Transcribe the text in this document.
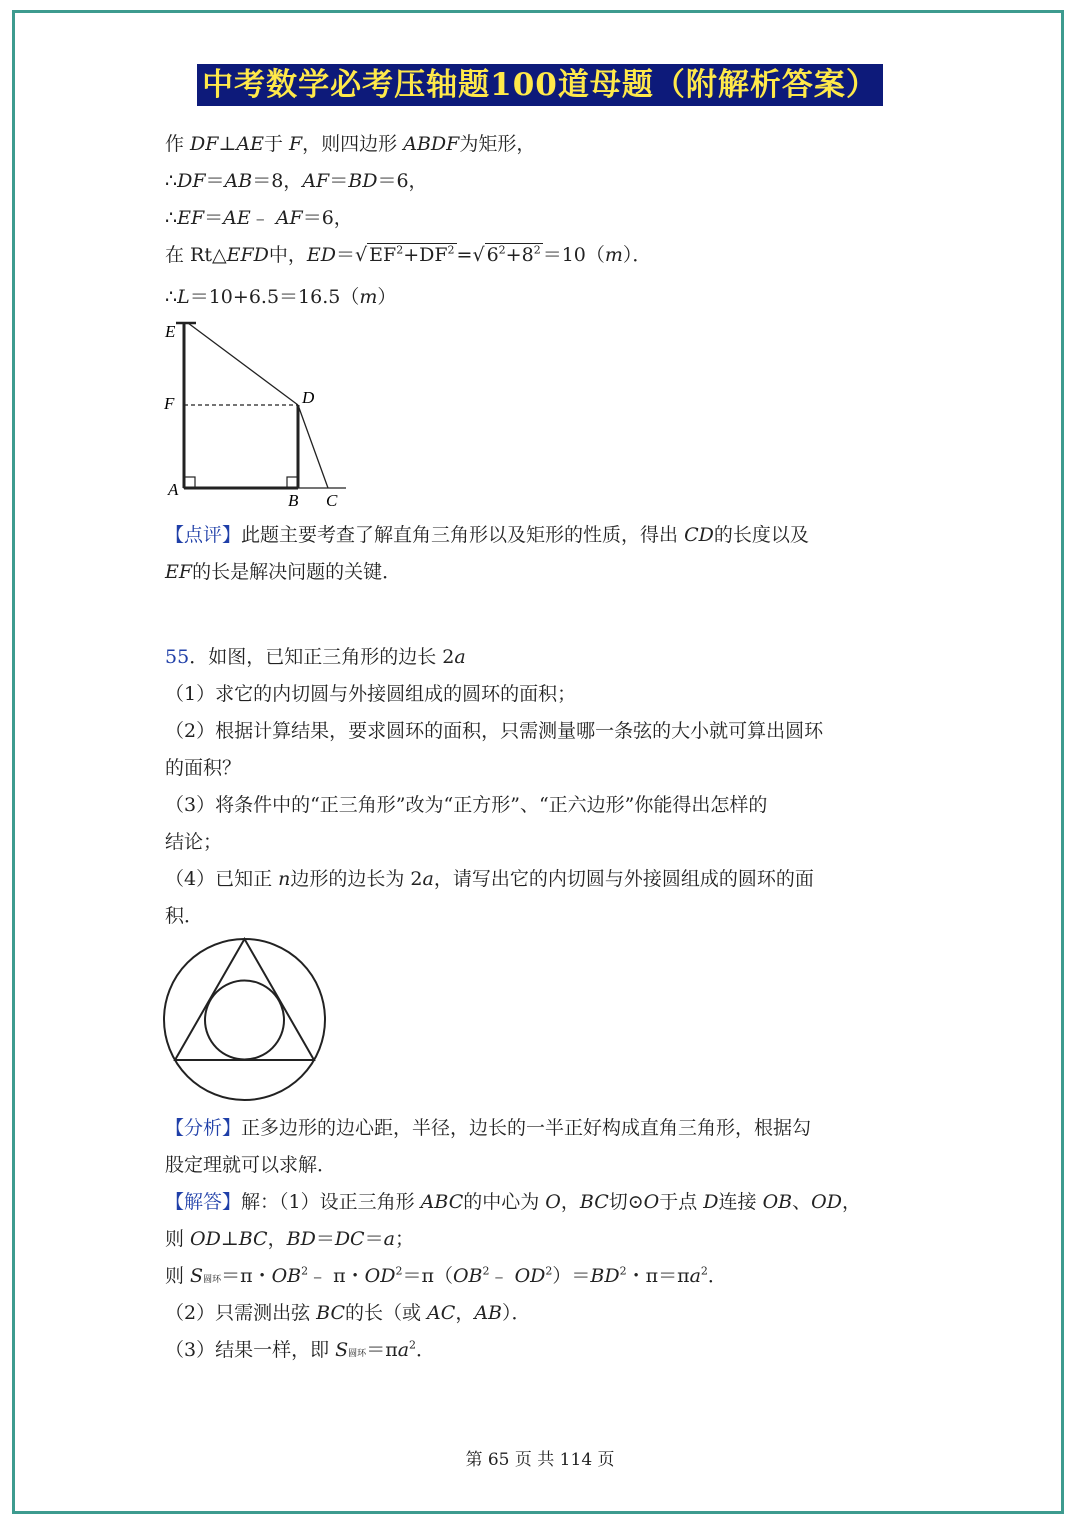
中考数学必考压轴题100道母题（附解析答案）
作 DF⊥AE于 F，则四边形 ABDF为矩形，
∴DF＝AB＝8，AF＝BD＝6，
∴EF＝AE﹣ AF＝6，
在 Rt△EFD中，ED＝√ $EF^2+DF^2$ =√ $6^2+8^2 =10(m)$．
∴L＝10+6.5＝16.5（m）
E
F	D
A
B C
【点评】此题主要考查了解直角三角形以及矩形的性质，得出 CD的长度以及
EF的长是解决问题的关键．
55．如图，已知正三角形的边长 2a
（1）求它的内切圆与外接圆组成的圆环的面积；
（2）根据计算结果，要求圆环的面积，只需测量哪一条弦的大小就可算出圆环
的面积？
（3）将条件中的“正三角形”改为“正方形”、“正六边形”你能得出怎样的
结论；
（4）已知正 n边形的边长为 2a，请写出它的内切圆与外接圆组成的圆环的面
积．
【分析】正多边形的边心距，半径，边长的一半正好构成直角三角形，根据勾
股定理就可以求解．
【解答】解：（1）设正三角形 ABC的中心为 O，BC切⊙O于点 D连接 OB、OD，
则 OD⊥BC，BD＝DC＝a；
则 S圆环＝π・$OB^2﹣$ π・$OD^2=\pi(OB^2﹣$ $OD^2)=BD^2$・$\pi=\pi a^2$．
（2）只需测出弦 BC的长（或 AC，AB）．
（3）结果一样，即 S圆环$=\pi a^2$．
第 65 页 共 114 页
